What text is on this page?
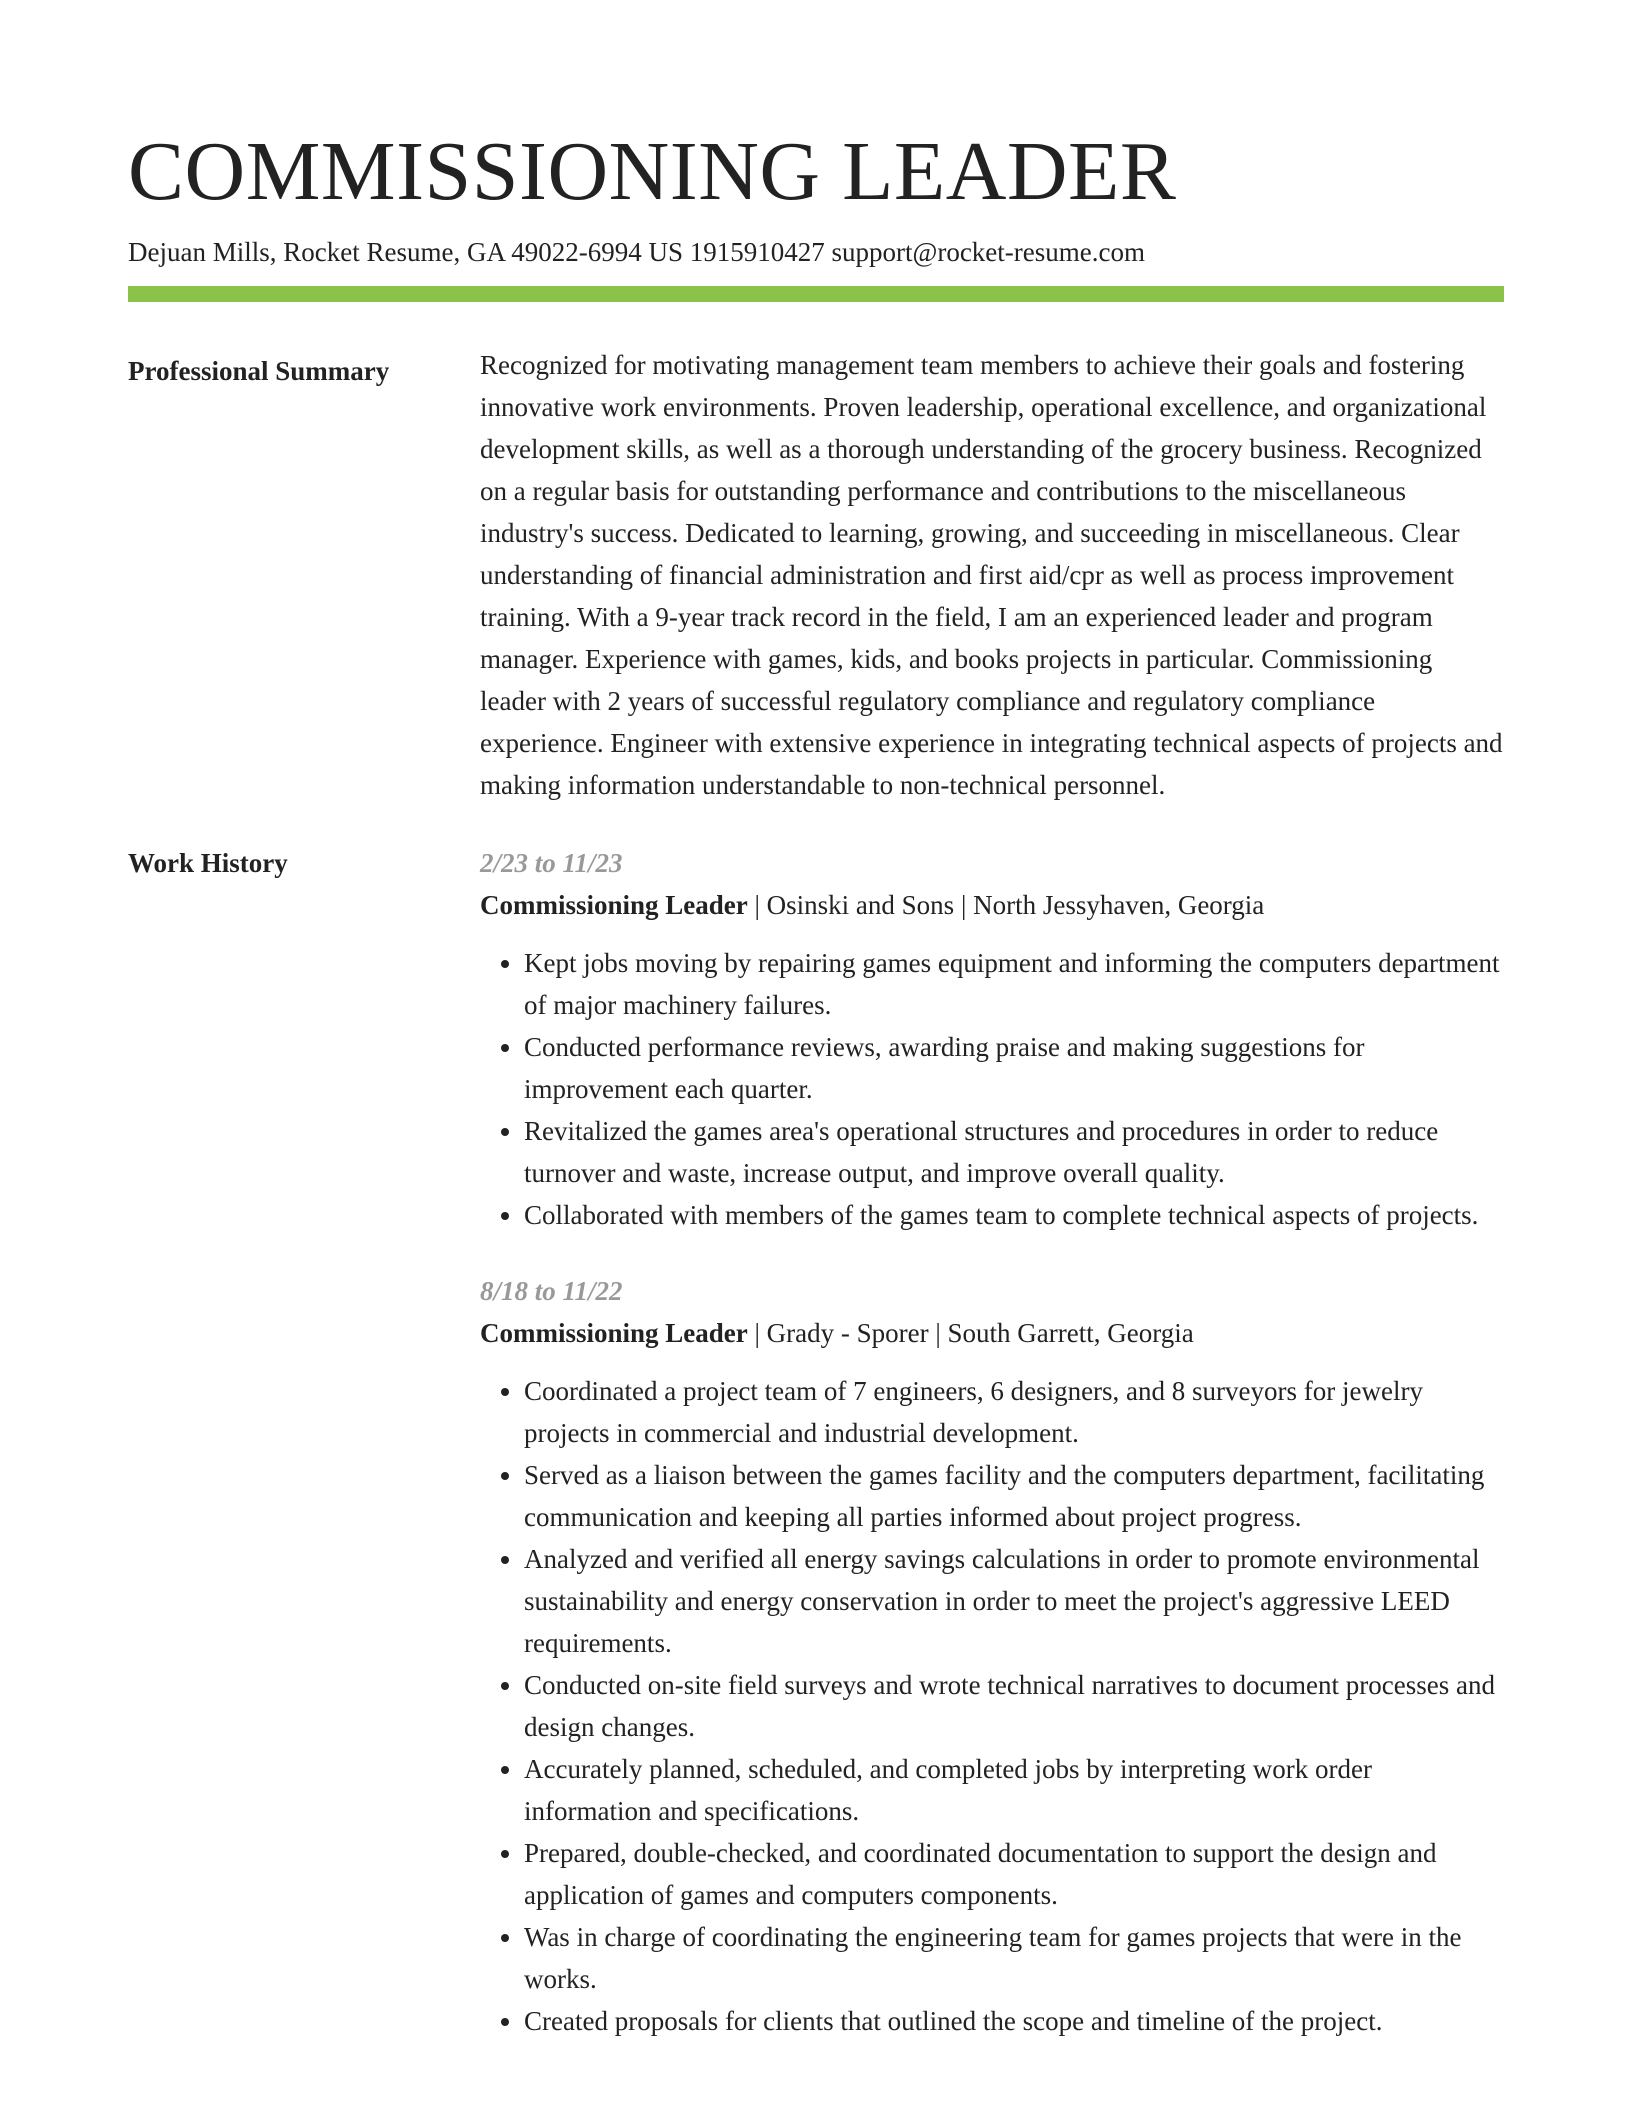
COMMISSIONING LEADER
Dejuan Mills, Rocket Resume, GA 49022-6994 US 1915910427 support@rocket-resume.com
Professional Summary	Recognized for motivating management team members to achieve their goals and fostering innovative work environments. Proven leadership, operational excellence, and organizational development skills, as well as a thorough understanding of the grocery business. Recognized on a regular basis for outstanding performance and contributions to the miscellaneous industry's success. Dedicated to learning, growing, and succeeding in miscellaneous. Clear understanding of financial administration and first aid/cpr as well as process improvement training. With a 9-year track record in the field, I am an experienced leader and program manager. Experience with games, kids, and books projects in particular. Commissioning leader with 2 years of successful regulatory compliance and regulatory compliance experience. Engineer with extensive experience in integrating technical aspects of projects and making information understandable to non-technical personnel.

Work History	2/23 to 11/23
Commissioning Leader | Osinski and Sons | North Jessyhaven, Georgia
• Kept jobs moving by repairing games equipment and informing the computers department of major machinery failures.
• Conducted performance reviews, awarding praise and making suggestions for improvement each quarter.
• Revitalized the games area's operational structures and procedures in order to reduce turnover and waste, increase output, and improve overall quality.
• Collaborated with members of the games team to complete technical aspects of projects.
8/18 to 11/22
Commissioning Leader | Grady - Sporer | South Garrett, Georgia
• Coordinated a project team of 7 engineers, 6 designers, and 8 surveyors for jewelry projects in commercial and industrial development.
• Served as a liaison between the games facility and the computers department, facilitating communication and keeping all parties informed about project progress.
• Analyzed and verified all energy savings calculations in order to promote environmental sustainability and energy conservation in order to meet the project's aggressive LEED requirements.
• Conducted on-site field surveys and wrote technical narratives to document processes and design changes.
• Accurately planned, scheduled, and completed jobs by interpreting work order information and specifications.
• Prepared, double-checked, and coordinated documentation to support the design and application of games and computers components.
• Was in charge of coordinating the engineering team for games projects that were in the works.
• Created proposals for clients that outlined the scope and timeline of the project.
